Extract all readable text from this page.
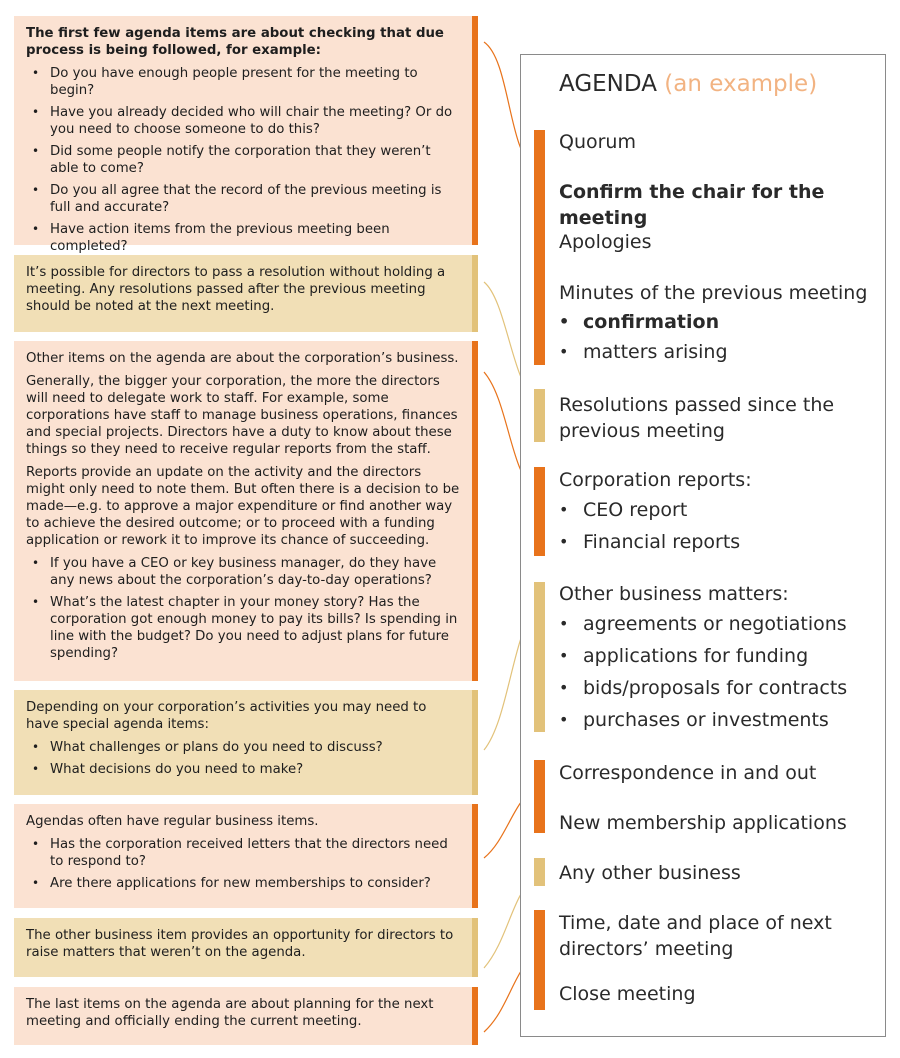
The first few agenda items are about checking that due process is being followed, for example:

• Do you have enough people present for the meeting to begin?
• Have you already decided who will chair the meeting? Or do you need to choose someone to do this?
• Did some people notify the corporation that they weren’t able to come?
• Do you all agree that the record of the previous meeting is full and accurate?
• Have action items from the previous meeting been completed?

It’s possible for directors to pass a resolution without holding a meeting. Any resolutions passed after the previous meeting should be noted at the next meeting.

Other items on the agenda are about the corporation’s business.

Generally, the bigger your corporation, the more the directors will need to delegate work to staff. For example, some corporations have staff to manage business operations, finances and special projects. Directors have a duty to know about these things so they need to receive regular reports from the staff.

Reports provide an update on the activity and the directors might only need to note them. But often there is a decision to be made—e.g. to approve a major expenditure or find another way to achieve the desired outcome; or to proceed with a funding application or rework it to improve its chance of succeeding.

• If you have a CEO or key business manager, do they have any news about the corporation’s day-to-day operations?
• What’s the latest chapter in your money story? Has the corporation got enough money to pay its bills? Is spending in line with the budget? Do you need to adjust plans for future spending?

Depending on your corporation’s activities you may need to have special agenda items:

• What challenges or plans do you need to discuss?
• What decisions do you need to make?

Agendas often have regular business items.

• Has the corporation received letters that the directors need to respond to?
• Are there applications for new memberships to consider?

The other business item provides an opportunity for directors to raise matters that weren’t on the agenda.

The last items on the agenda are about planning for the next meeting and officially ending the current meeting.

AGENDA (an example)
Quorum
Confirm the chair for the meeting
Apologies
Minutes of the previous meeting
• confirmation
• matters arising
Resolutions passed since the previous meeting
Corporation reports:
• CEO report
• Financial reports
Other business matters:
• agreements or negotiations
• applications for funding
• bids/proposals for contracts
• purchases or investments
Correspondence in and out
New membership applications
Any other business
Time, date and place of next directors’ meeting
Close meeting
